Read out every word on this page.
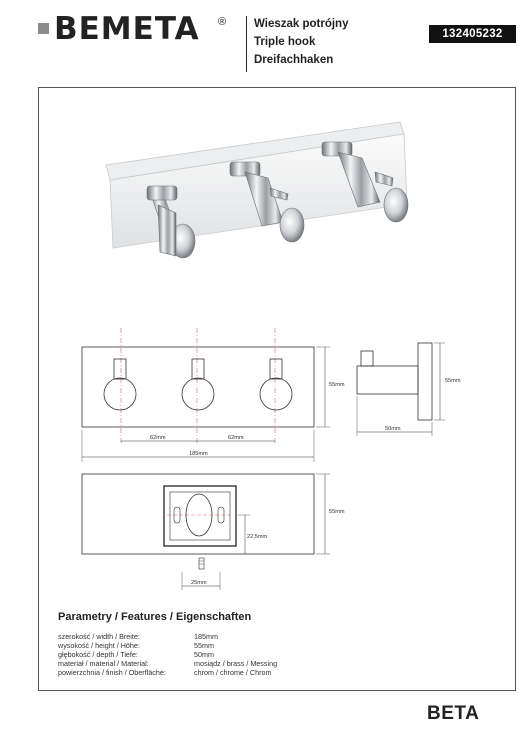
BEMETA ® Wieszak potrójny
Triple hook
Dreifachhaken
132405232
62mm	62mm
185mm
55mm
55mm
50mm
55mm
22,5mm
25mm
Parametry / Features / Eigenschaften
szerokość / width / Breite:	185mm
wysokość / height / Höhe:	55mm
głębokość / depth / Tiefe:	50mm
materiał / material / Material:	mosiądz / brass / Messing
powierzchnia / finish / Oberfläche:	chrom / chrome / Chrom
BETA
